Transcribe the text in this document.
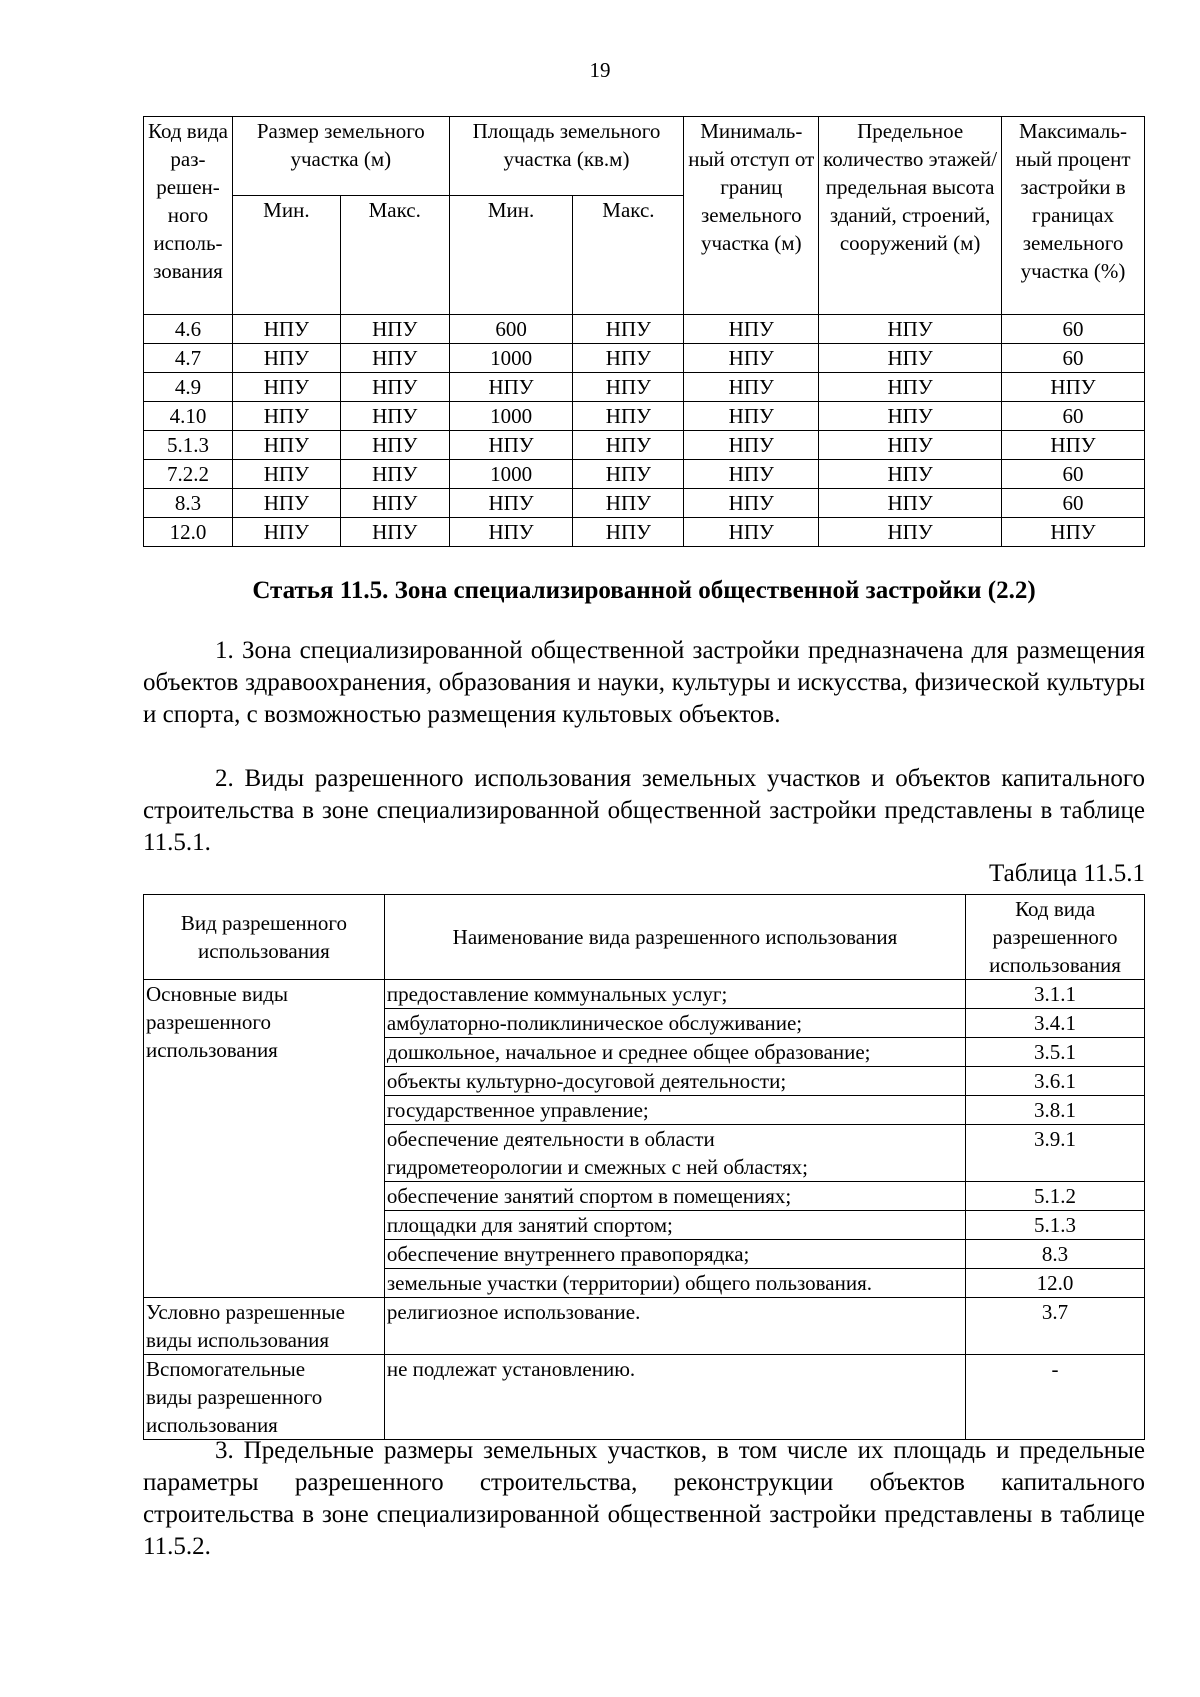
19
Код вида раз-решен-ного исполь-зования	Размер земельного участка (м)		Площадь земельного участка (кв.м)		Минималь-ный отступ от границ земельного участка (м)	Предельное количество этажей/ предельная высота зданий, строений, сооружений (м)	Максималь-ный процент застройки в границах земельного участка (%)
	Мин.	Макс.	Мин.	Макс.			
4.6	НПУ	НПУ	600	НПУ	НПУ	НПУ	60
4.7	НПУ	НПУ	1000	НПУ	НПУ	НПУ	60
4.9	НПУ	НПУ	НПУ	НПУ	НПУ	НПУ	НПУ
4.10	НПУ	НПУ	1000	НПУ	НПУ	НПУ	60
5.1.3	НПУ	НПУ	НПУ	НПУ	НПУ	НПУ	НПУ
7.2.2	НПУ	НПУ	1000	НПУ	НПУ	НПУ	60
8.3	НПУ	НПУ	НПУ	НПУ	НПУ	НПУ	60
12.0	НПУ	НПУ	НПУ	НПУ	НПУ	НПУ	НПУ
Статья 11.5. Зона специализированной общественной застройки (2.2)

1. Зона специализированной общественной застройки предназначена для размещения объектов здравоохранения, образования и науки, культуры и искусства, физической культуры и спорта, с возможностью размещения культовых объектов.

2. Виды разрешенного использования земельных участков и объектов капитального строительства в зоне специализированной общественной застройки представлены в таблице 11.5.1.

Таблица 11.5.1
Вид разрешенного использования	Наименование вида разрешенного использования	Код вида разрешенного использования
Основные виды разрешенного использования	предоставление коммунальных услуг;	3.1.1
	амбулаторно-поликлиническое обслуживание;	3.4.1
	дошкольное, начальное и среднее общее образование;	3.5.1
	объекты культурно-досуговой деятельности;	3.6.1
	государственное управление;	3.8.1
	обеспечение деятельности в области
гидрометеорологии и смежных с ней областях;	3.9.1
	обеспечение занятий спортом в помещениях;	5.1.2
	площадки для занятий спортом;	5.1.3
	обеспечение внутреннего правопорядка;	8.3
	земельные участки (территории) общего пользования.	12.0
Условно разрешенные
виды использования	религиозное использование.	3.7
Вспомогательные
виды разрешенного
использования	не подлежат установлению.	-

3. Предельные размеры земельных участков, в том числе их площадь и предельные параметры разрешенного строительства, реконструкции объектов капитального строительства в зоне специализированной общественной застройки представлены в таблице 11.5.2.
